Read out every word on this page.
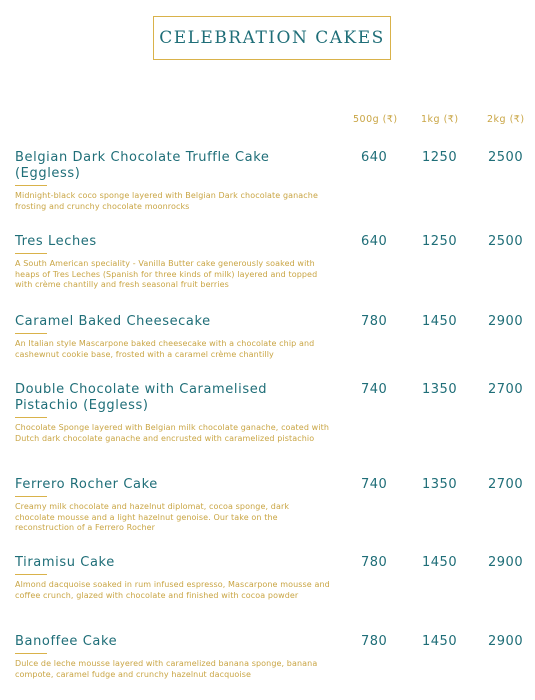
CELEBRATION CAKES
500g (₹) 1kg (₹)	2kg (₹)
Belgian Dark Chocolate Truffle Cake (Eggless)
Midnight-black coco sponge layered with Belgian Dark chocolate ganache frosting and crunchy chocolate moonrocks
640	1250 2500
Tres Leches
A South American speciality - Vanilla Butter cake generously soaked with heaps of Tres Leches (Spanish for three kinds of milk) layered and topped with crème chantilly and fresh seasonal fruit berries
640	1250 2500
Caramel Baked Cheesecake
An Italian style Mascarpone baked cheesecake with a chocolate chip and cashewnut cookie base, frosted with a caramel crème chantilly
780	1450 2900
Double Chocolate with Caramelised Pistachio (Eggless)
Chocolate Sponge layered with Belgian milk chocolate ganache, coated with Dutch dark chocolate ganache and encrusted with caramelized pistachio
740	1350 2700
Ferrero Rocher Cake
Creamy milk chocolate and hazelnut diplomat, cocoa sponge, dark chocolate mousse and a light hazelnut genoise. Our take on the reconstruction of a Ferrero Rocher
740	1350 2700
Tiramisu Cake
Almond dacquoise soaked in rum infused espresso, Mascarpone mousse and coffee crunch, glazed with chocolate and finished with cocoa powder
780	1450 2900
Banoffee Cake
Dulce de leche mousse layered with caramelized banana sponge, banana compote, caramel fudge and crunchy hazelnut dacquoise
780	1450 2900
